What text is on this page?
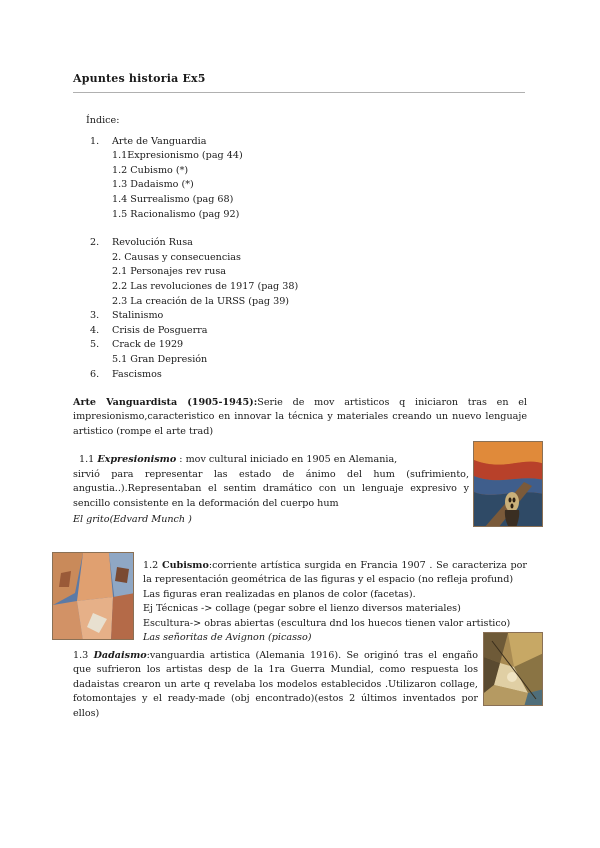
Apuntes historia Ex5
Índice:
1.	Arte de Vanguardia
1.1Expresionismo (pag 44)
1.2 Cubismo (*)
1.3 Dadaismo (*)
1.4 Surrealismo (pag 68)
1.5 Racionalismo (pag 92)
2.	Revolución Rusa
2. Causas y consecuencias
2.1 Personajes rev rusa
2.2 Las revoluciones de 1917 (pag 38)
2.3 La creación de la URSS (pag 39)
3.	Stalinismo
4.	Crisis de Posguerra
5.	Crack de 1929
5.1 Gran Depresión
6.	Fascismos
Arte Vanguardista (1905-1945):Serie de mov artisticos q iniciaron tras en el impresionismo,caracteristico en innovar la técnica y materiales creando un nuevo lenguaje artistico (rompe el arte trad)
1.1 Expresionismo : mov cultural iniciado en 1905 en Alemania,
sirvió para representar las estado de ánimo del hum (sufrimiento, angustia..).Representaban el sentim dramático con un lenguaje expresivo y sencillo consistente en la deformación del cuerpo hum
El grito(Edvard Munch )
1.2 Cubismo:corriente artística surgida en Francia 1907 . Se caracteriza por la representación geométrica de las figuras y el espacio (no refleja profund)
Las figuras eran realizadas en planos de color (facetas).
Ej Técnicas -> collage (pegar sobre el lienzo diversos materiales)
Escultura-> obras abiertas (escultura dnd los huecos tienen valor artistico)
Las señoritas de Avignon (picasso)
1.3 Dadaismo:vanguardia artistica (Alemania 1916). Se originó tras el engaño que sufrieron los artistas desp de la 1ra Guerra Mundial, como respuesta los dadaistas crearon un arte q revelaba los modelos establecidos .Utilizaron collage, fotomontajes y el ready-made (obj encontrado)(estos 2 últimos inventados por ellos)
